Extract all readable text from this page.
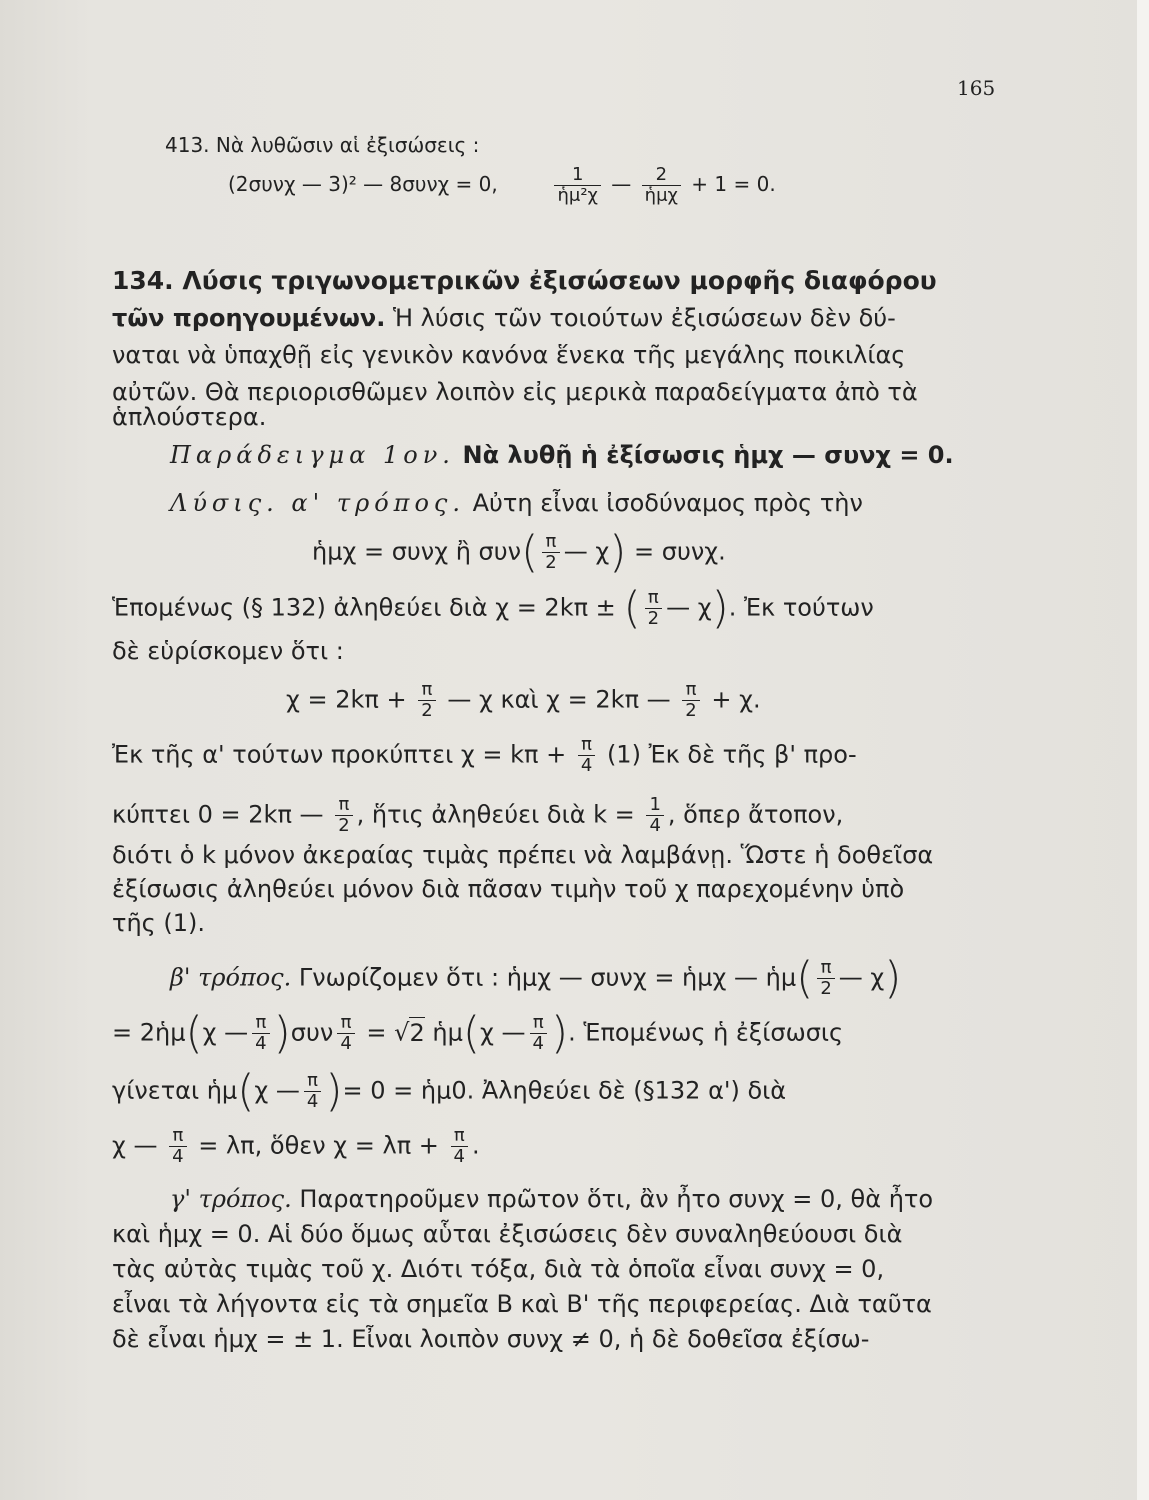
165
413. Νὰ λυθῶσιν αἱ ἐξισώσεις :
(2συνχ — 3)² — 8συνχ = 0,	$\frac{1}{\text{ἡμ²χ}}$ — $\frac{2}{\text{ἡμχ}} + 1 = 0$.
134. Λύσις τριγωνομετρικῶν ἐξισώσεων μορφῆς διαφόρου
τῶν προηγουμένων. Ἡ λύσις τῶν τοιούτων ἐξισώσεων δὲν δύ-
ναται νὰ ὑπαχθῇ εἰς γενικὸν κανόνα ἕνεκα τῆς μεγάλης ποικιλίας
αὐτῶν. Θὰ περιορισθῶμεν λοιπὸν εἰς μερικὰ παραδείγματα ἀπὸ τὰ
ἁπλούστερα.
Παράδειγμα 1ον. Νὰ λυθῇ ἡ ἐξίσωσις ἡμχ — συνχ = 0.
Λύσις. α' τρόπος. Αὐτη εἶναι ἰσοδύναμος πρὸς τὴν
ἡμχ = συνχ ἢ $\sigma\upsilon\nu( \frac{\pi}{2}$ — χ) = συνχ.
Ἑπομένως (§ 132) ἀληθεύει διὰ χ = 2kπ ± ( $\frac{\pi}{2}$ — χ). Ἐκ τούτων
δὲ εὑρίσκομεν ὅτι :
$\chi = 2k\pi + \frac{\pi}{2}$ — χ καὶ χ = 2kπ — $\frac{\pi}{2} + \chi$.
Ἐκ τῆς α' τούτων προκύπτει $\chi = k\pi + \frac{\pi}{4} (1)$ Ἐκ δὲ τῆς β' προ-
κύπτει 0 = 2kπ — $\frac{\pi}{2}$ , ἥτις ἀληθεύει διὰ $k = \frac{1}{4}$ , ὅπερ ἄτοπον,
διότι ὁ k μόνον ἀκεραίας τιμὰς πρέπει νὰ λαμβάνῃ. Ὥστε ἡ δοθεῖσα
ἐξίσωσις ἀληθεύει μόνον διὰ πᾶσαν τιμὴν τοῦ χ παρεχομένην ὑπὸ
τῆς (1).
β' τρόπος. Γνωρίζομεν ὅτι : ἡμχ — συνχ = ἡμχ — ἡμ( $\frac{\pi}{2}$ — χ)
= 2ἡμ(χ — $\frac{\pi}{4} )\sigma\upsilon\nu \frac{\pi}{4} = √2$ ἡμ(χ — $\frac{\pi}{4}$ ). Ἑπομένως ἡ ἐξίσωσις
γίνεται ἡμ(χ — $\frac{\pi}{4}$ )= 0 = ἡμ0. Ἀληθεύει δὲ (§132 α') διὰ
χ — $\frac{\pi}{4} = \lambda\pi$, ὅθεν $\chi = \lambda\pi + \frac{\pi}{4}$ .
γ' τρόπος. Παρατηροῦμεν πρῶτον ὅτι, ἂν ἦτο συνχ = 0, θὰ ἦτο
καὶ ἡμχ = 0. Αἱ δύο ὅμως αὗται ἐξισώσεις δὲν συναληθεύουσι διὰ
τὰς αὐτὰς τιμὰς τοῦ χ. Διότι τόξα, διὰ τὰ ὁποῖα εἶναι συνχ = 0,
εἶναι τὰ λήγοντα εἰς τὰ σημεῖα Β καὶ Β' τῆς περιφερείας. Διὰ ταῦτα
δὲ εἶναι ἡμχ = ± 1. Εἶναι λοιπὸν συνχ ≠ 0, ἡ δὲ δοθεῖσα ἐξίσω-
